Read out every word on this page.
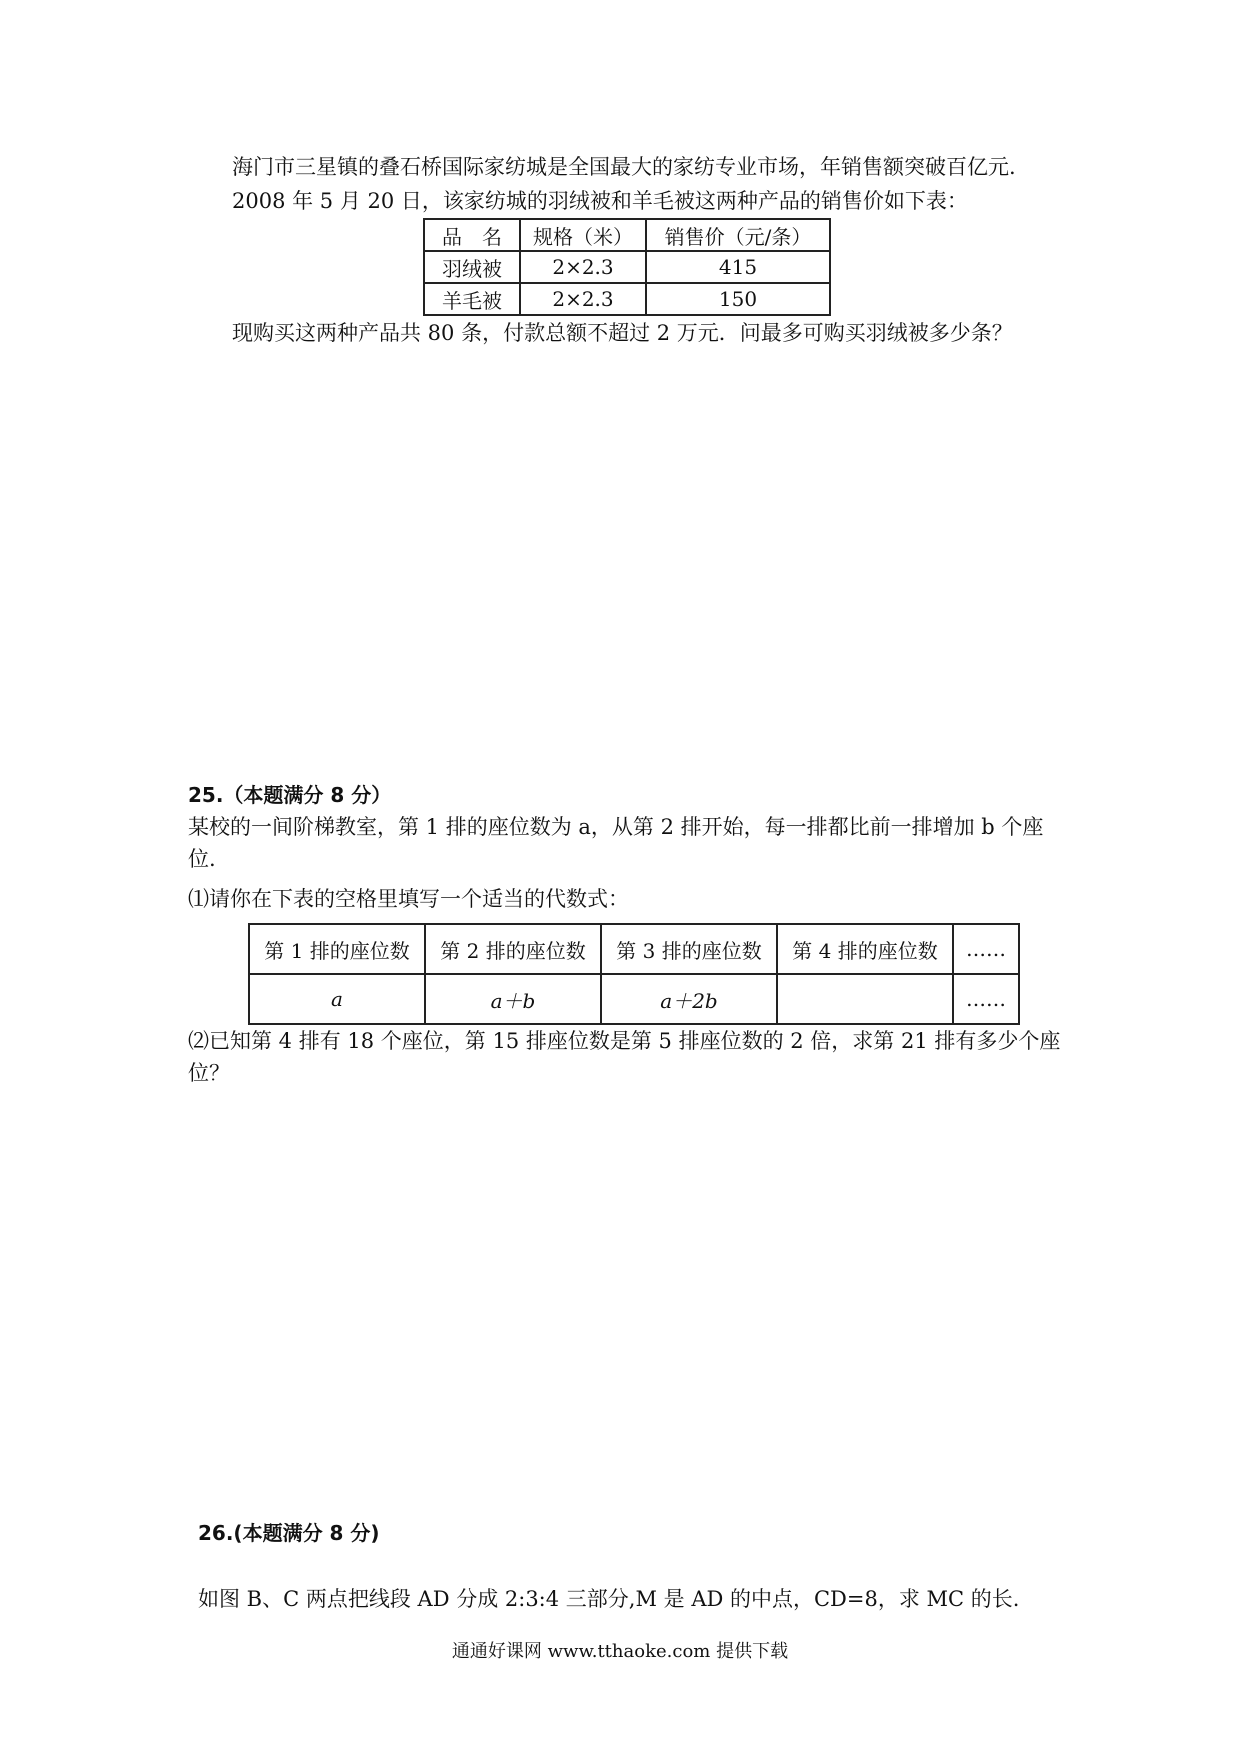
海门市三星镇的叠石桥国际家纺城是全国最大的家纺专业市场，年销售额突破百亿元.
2008 年 5 月 20 日，该家纺城的羽绒被和羊毛被这两种产品的销售价如下表：
品　名	规格（米）	销售价（元/条）
羽绒被	2×2.3	415
羊毛被	2×2.3	150
现购买这两种产品共 80 条，付款总额不超过 2 万元．问最多可购买羽绒被多少条？
25.（本题满分 8 分）
某校的一间阶梯教室，第 1 排的座位数为 a，从第 2 排开始，每一排都比前一排增加 b 个座
位.
⑴请你在下表的空格里填写一个适当的代数式：
第 1 排的座位数	第 2 排的座位数	第 3 排的座位数	第 4 排的座位数	……
a	a＋b	a＋2b		……
⑵已知第 4 排有 18 个座位，第 15 排座位数是第 5 排座位数的 2 倍，求第 21 排有多少个座
位？
26.(本题满分 8 分)
如图 B、C 两点把线段 AD 分成 2:3:4 三部分,M 是 AD 的中点，CD=8，求 MC 的长.
通通好课网 www.tthaoke.com 提供下载
